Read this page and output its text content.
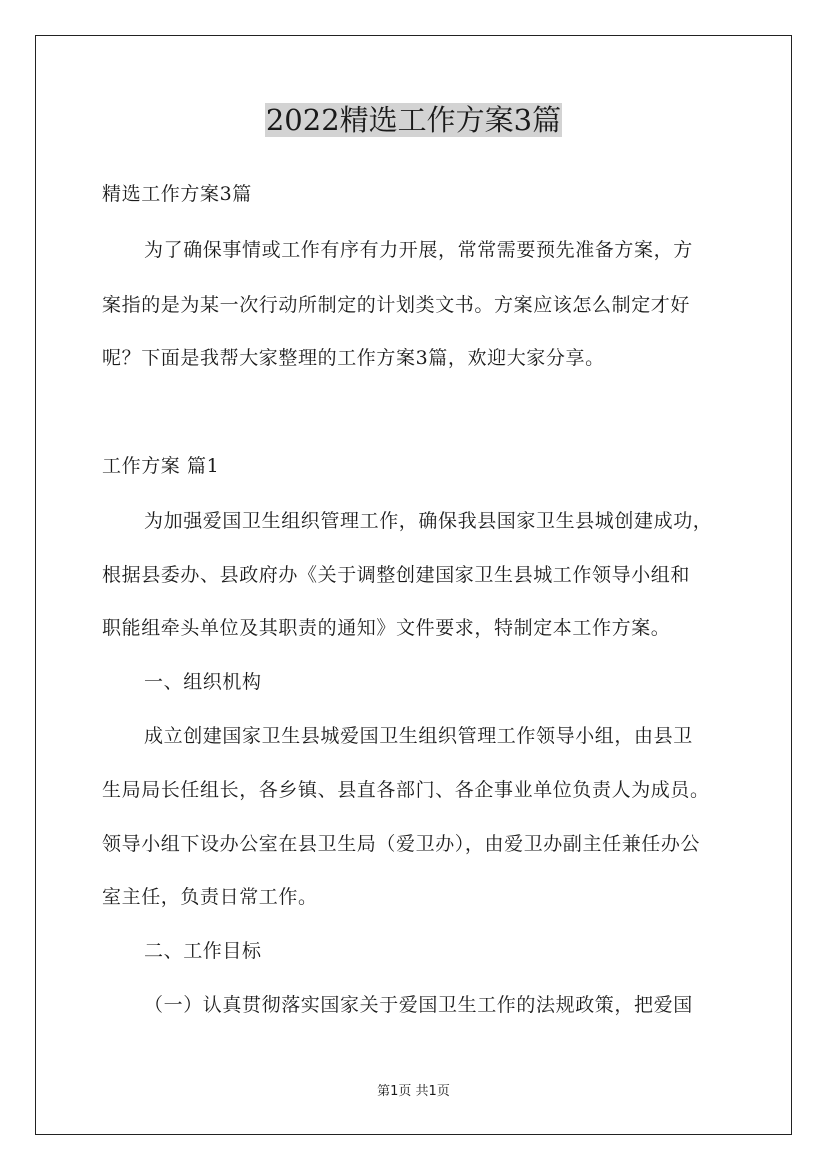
2022精选工作方案3篇
精选工作方案3篇
为了确保事情或工作有序有力开展，常常需要预先准备方案，方
案指的是为某一次行动所制定的计划类文书。方案应该怎么制定才好
呢？下面是我帮大家整理的工作方案3篇，欢迎大家分享。
工作方案 篇1
为加强爱国卫生组织管理工作，确保我县国家卫生县城创建成功，
根据县委办、县政府办《关于调整创建国家卫生县城工作领导小组和
职能组牵头单位及其职责的通知》文件要求，特制定本工作方案。
一、组织机构
成立创建国家卫生县城爱国卫生组织管理工作领导小组，由县卫
生局局长任组长，各乡镇、县直各部门、各企事业单位负责人为成员。
领导小组下设办公室在县卫生局（爱卫办），由爱卫办副主任兼任办公
室主任，负责日常工作。
二、工作目标
（一）认真贯彻落实国家关于爱国卫生工作的法规政策，把爱国
第1页 共1页
